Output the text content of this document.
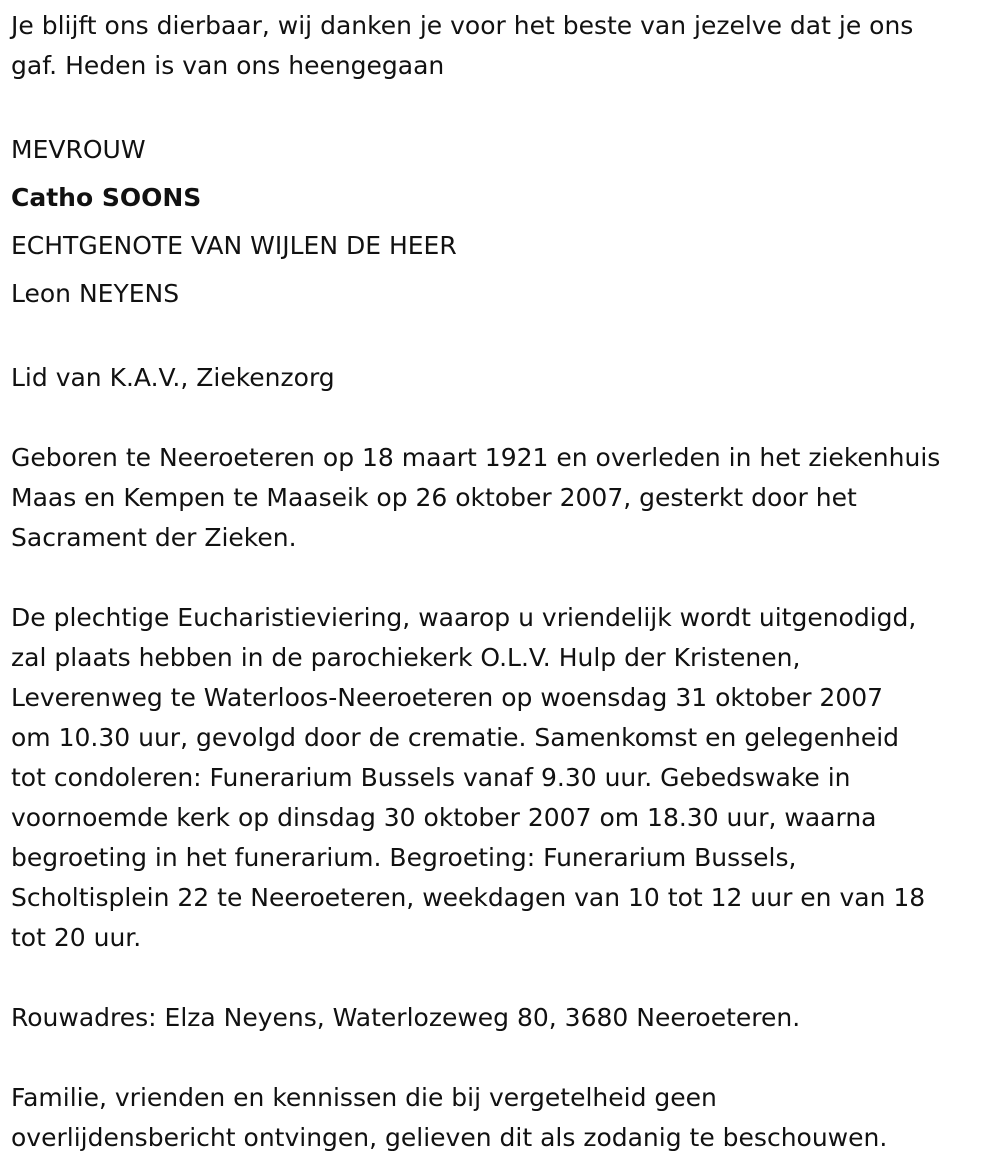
Je blijft ons dierbaar, wij danken je voor het beste van jezelve dat je ons
gaf. Heden is van ons heengegaan

MEVROUW
Catho SOONS
ECHTGENOTE VAN WIJLEN DE HEER
Leon NEYENS

Lid van K.A.V., Ziekenzorg

Geboren te Neeroeteren op 18 maart 1921 en overleden in het ziekenhuis
Maas en Kempen te Maaseik op 26 oktober 2007, gesterkt door het
Sacrament der Zieken.

De plechtige Eucharistieviering, waarop u vriendelijk wordt uitgenodigd,
zal plaats hebben in de parochiekerk O.L.V. Hulp der Kristenen,
Leverenweg te Waterloos-Neeroeteren op woensdag 31 oktober 2007
om 10.30 uur, gevolgd door de crematie. Samenkomst en gelegenheid
tot condoleren: Funerarium Bussels vanaf 9.30 uur. Gebedswake in
voornoemde kerk op dinsdag 30 oktober 2007 om 18.30 uur, waarna
begroeting in het funerarium. Begroeting: Funerarium Bussels,
Scholtisplein 22 te Neeroeteren, weekdagen van 10 tot 12 uur en van 18
tot 20 uur.

Rouwadres: Elza Neyens, Waterlozeweg 80, 3680 Neeroeteren.

Familie, vrienden en kennissen die bij vergetelheid geen
overlijdensbericht ontvingen, gelieven dit als zodanig te beschouwen.
